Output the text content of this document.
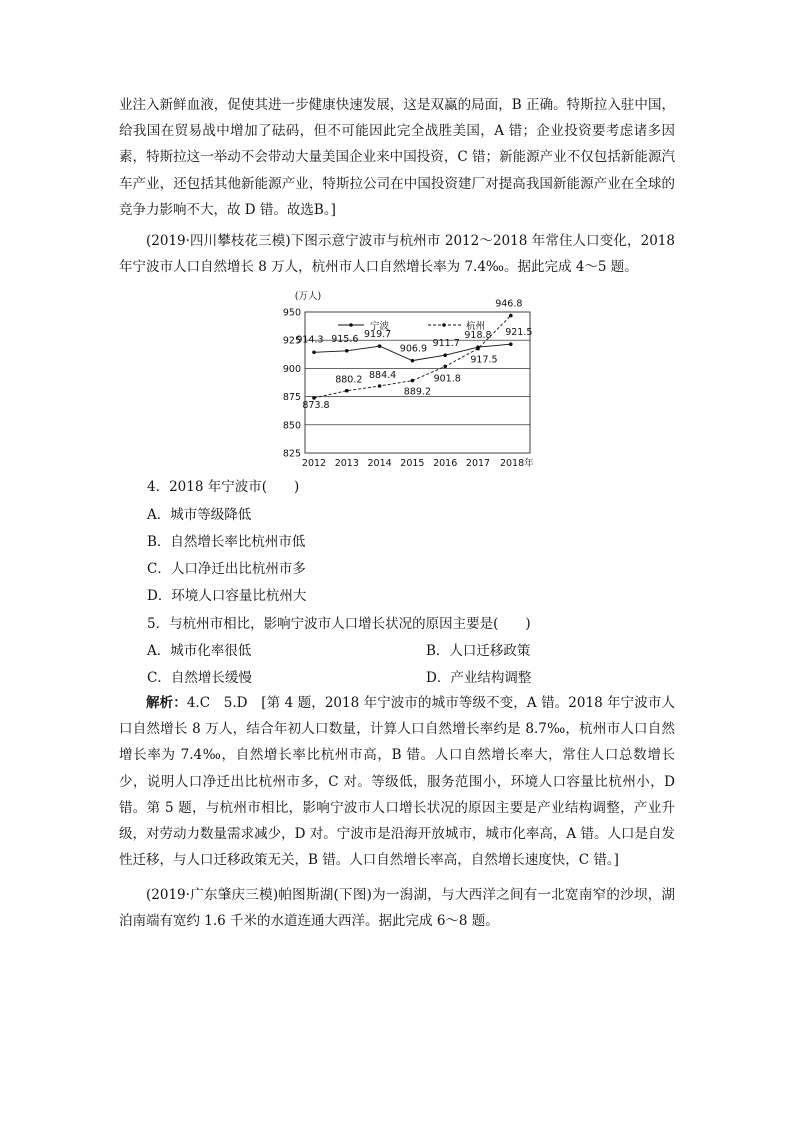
业注入新鲜血液，促使其进一步健康快速发展，这是双赢的局面，B 正确。特斯拉入驻中国，给我国在贸易战中增加了砝码，但不可能因此完全战胜美国，A 错；企业投资要考虑诸多因素，特斯拉这一举动不会带动大量美国企业来中国投资，C 错；新能源产业不仅包括新能源汽车产业，还包括其他新能源产业，特斯拉公司在中国投资建厂对提高我国新能源产业在全球的竞争力影响不大，故 D 错。故选B。]

(2019·四川攀枝花三模)下图示意宁波市与杭州市 2012～2018 年常住人口变化，2018 年宁波市人口自然增长 8 万人，杭州市人口自然增长率为 7.4‰。据此完成 4～5 题。

950
925
900
875
850
825
(万人)
2012 2013 2014 2015 2016 2017 2018年
宁波	杭州
914.3 915.6 919.7
906.9 911.7
918.8 921.5
873.8
880.2 884.4
889.2
901.8
917.5
946.8
4．2018 年宁波市(　　)
A．城市等级降低
B．自然增长率比杭州市低
C．人口净迁出比杭州市多
D．环境人口容量比杭州大
5．与杭州市相比，影响宁波市人口增长状况的原因主要是(　　)
A．城市化率很低	B．人口迁移政策
C．自然增长缓慢	D．产业结构调整

解析：4.C　5.D　[第 4 题，2018 年宁波市的城市等级不变，A 错。2018 年宁波市人口自然增长 8 万人，结合年初人口数量，计算人口自然增长率约是 8.7‰，杭州市人口自然增长率为 7.4‰，自然增长率比杭州市高，B 错。人口自然增长率大，常住人口总数增长少，说明人口净迁出比杭州市多，C 对。等级低，服务范围小，环境人口容量比杭州小，D 错。第 5 题，与杭州市相比，影响宁波市人口增长状况的原因主要是产业结构调整，产业升级，对劳动力数量需求减少，D 对。宁波市是沿海开放城市，城市化率高，A 错。人口是自发性迁移，与人口迁移政策无关，B 错。人口自然增长率高，自然增长速度快，C 错。]

(2019·广东肇庆三模)帕图斯湖(下图)为一潟湖，与大西洋之间有一北宽南窄的沙坝，湖泊南端有宽约 1.6 千米的水道连通大西洋。据此完成 6～8 题。
